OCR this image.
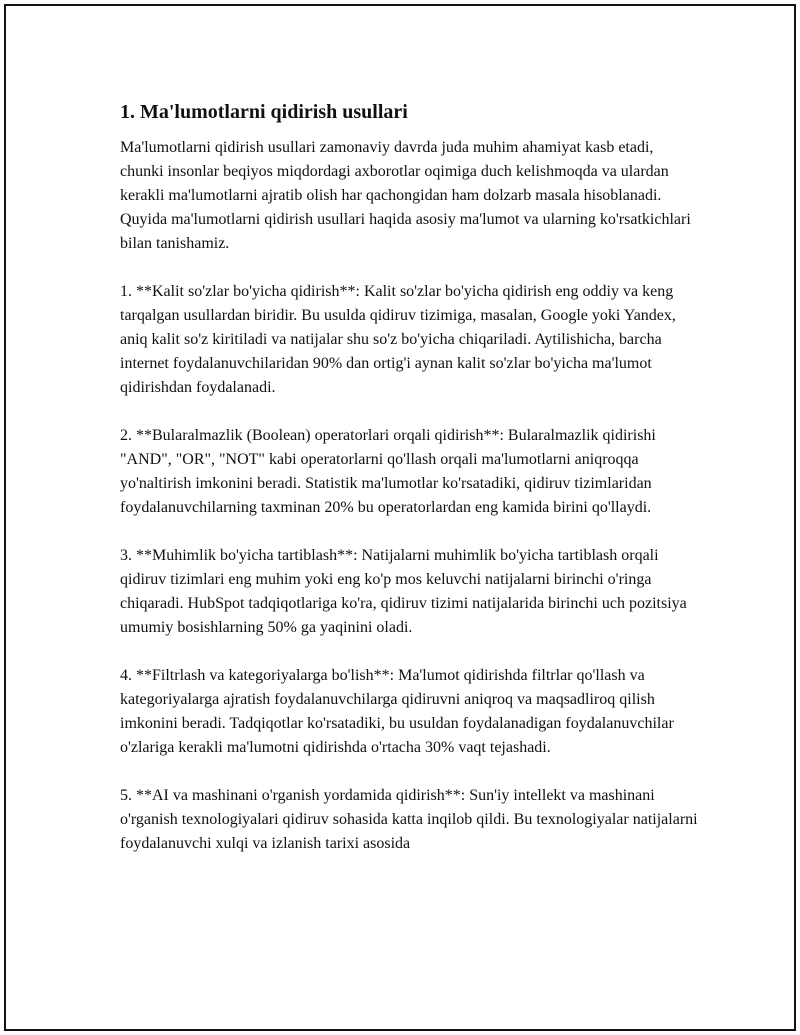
1. Ma'lumotlarni qidirish usullari

Ma'lumotlarni qidirish usullari zamonaviy davrda juda muhim ahamiyat kasb etadi, chunki insonlar beqiyos miqdordagi axborotlar oqimiga duch kelishmoqda va ulardan kerakli ma'lumotlarni ajratib olish har qachongidan ham dolzarb masala hisoblanadi. Quyida ma'lumotlarni qidirish usullari haqida asosiy ma'lumot va ularning ko'rsatkichlari bilan tanishamiz.

1. **Kalit so'zlar bo'yicha qidirish**: Kalit so'zlar bo'yicha qidirish eng oddiy va keng tarqalgan usullardan biridir. Bu usulda qidiruv tizimiga, masalan, Google yoki Yandex, aniq kalit so'z kiritiladi va natijalar shu so'z bo'yicha chiqariladi. Aytilishicha, barcha internet foydalanuvchilaridan 90% dan ortig'i aynan kalit so'zlar bo'yicha ma'lumot qidirishdan foydalanadi.

2. **Bularalmazlik (Boolean) operatorlari orqali qidirish**: Bularalmazlik qidirishi "AND", "OR", "NOT" kabi operatorlarni qo'llash orqali ma'lumotlarni aniqroqqa yo'naltirish imkonini beradi. Statistik ma'lumotlar ko'rsatadiki, qidiruv tizimlaridan foydalanuvchilarning taxminan 20% bu operatorlardan eng kamida birini qo'llaydi.

3. **Muhimlik bo'yicha tartiblash**: Natijalarni muhimlik bo'yicha tartiblash orqali qidiruv tizimlari eng muhim yoki eng ko'p mos keluvchi natijalarni birinchi o'ringa chiqaradi. HubSpot tadqiqotlariga ko'ra, qidiruv tizimi natijalarida birinchi uch pozitsiya umumiy bosishlarning 50% ga yaqinini oladi.

4. **Filtrlash va kategoriyalarga bo'lish**: Ma'lumot qidirishda filtrlar qo'llash va kategoriyalarga ajratish foydalanuvchilarga qidiruvni aniqroq va maqsadliroq qilish imkonini beradi. Tadqiqotlar ko'rsatadiki, bu usuldan foydalanadigan foydalanuvchilar o'zlariga kerakli ma'lumotni qidirishda o'rtacha 30% vaqt tejashadi.

5. **AI va mashinani o'rganish yordamida qidirish**: Sun'iy intellekt va mashinani o'rganish texnologiyalari qidiruv sohasida katta inqilob qildi. Bu texnologiyalar natijalarni foydalanuvchi xulqi va izlanish tarixi asosida
